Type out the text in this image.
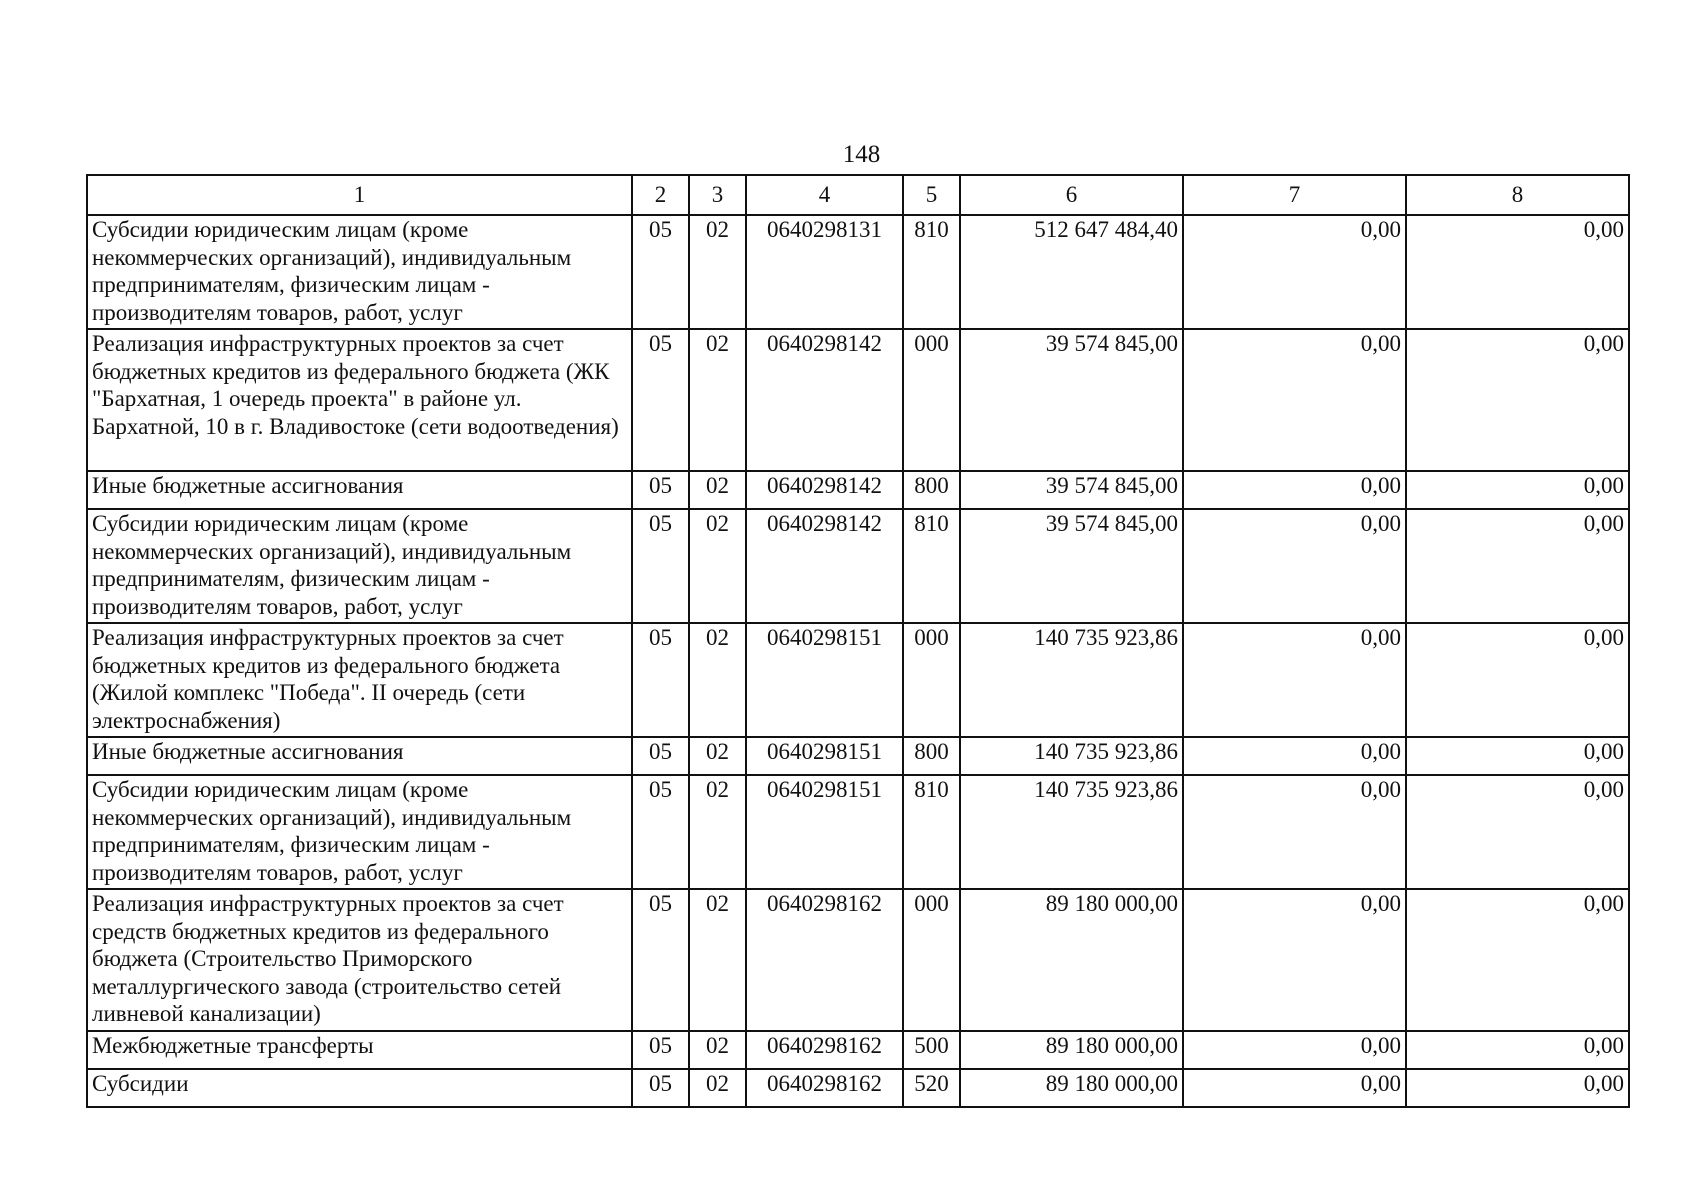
148
1	2	3	4	5	6	7	8
Субсидии юридическим лицам (кроме некоммерческих организаций), индивидуальным предпринимателям, физическим лицам - производителям товаров, работ, услуг	05	02	0640298131	810	512 647 484,40	0,00	0,00
Реализация инфраструктурных проектов за счет бюджетных кредитов из федерального бюджета (ЖК "Бархатная, 1 очередь проекта" в районе ул. Бархатной, 10 в г. Владивостоке (сети водоотведения)	05	02	0640298142	000	39 574 845,00	0,00	0,00
Иные бюджетные ассигнования	05	02	0640298142	800	39 574 845,00	0,00	0,00
Субсидии юридическим лицам (кроме некоммерческих организаций), индивидуальным предпринимателям, физическим лицам - производителям товаров, работ, услуг	05	02	0640298142	810	39 574 845,00	0,00	0,00
Реализация инфраструктурных проектов за счет бюджетных кредитов из федерального бюджета (Жилой комплекс "Победа". II очередь (сети электроснабжения)	05	02	0640298151	000	140 735 923,86	0,00	0,00
Иные бюджетные ассигнования	05	02	0640298151	800	140 735 923,86	0,00	0,00
Субсидии юридическим лицам (кроме некоммерческих организаций), индивидуальным предпринимателям, физическим лицам - производителям товаров, работ, услуг	05	02	0640298151	810	140 735 923,86	0,00	0,00
Реализация инфраструктурных проектов за счет средств бюджетных кредитов из федерального бюджета (Строительство Приморского металлургического завода (строительство сетей ливневой канализации)	05	02	0640298162	000	89 180 000,00	0,00	0,00
Межбюджетные трансферты	05	02	0640298162	500	89 180 000,00	0,00	0,00
Субсидии	05	02	0640298162	520	89 180 000,00	0,00	0,00
